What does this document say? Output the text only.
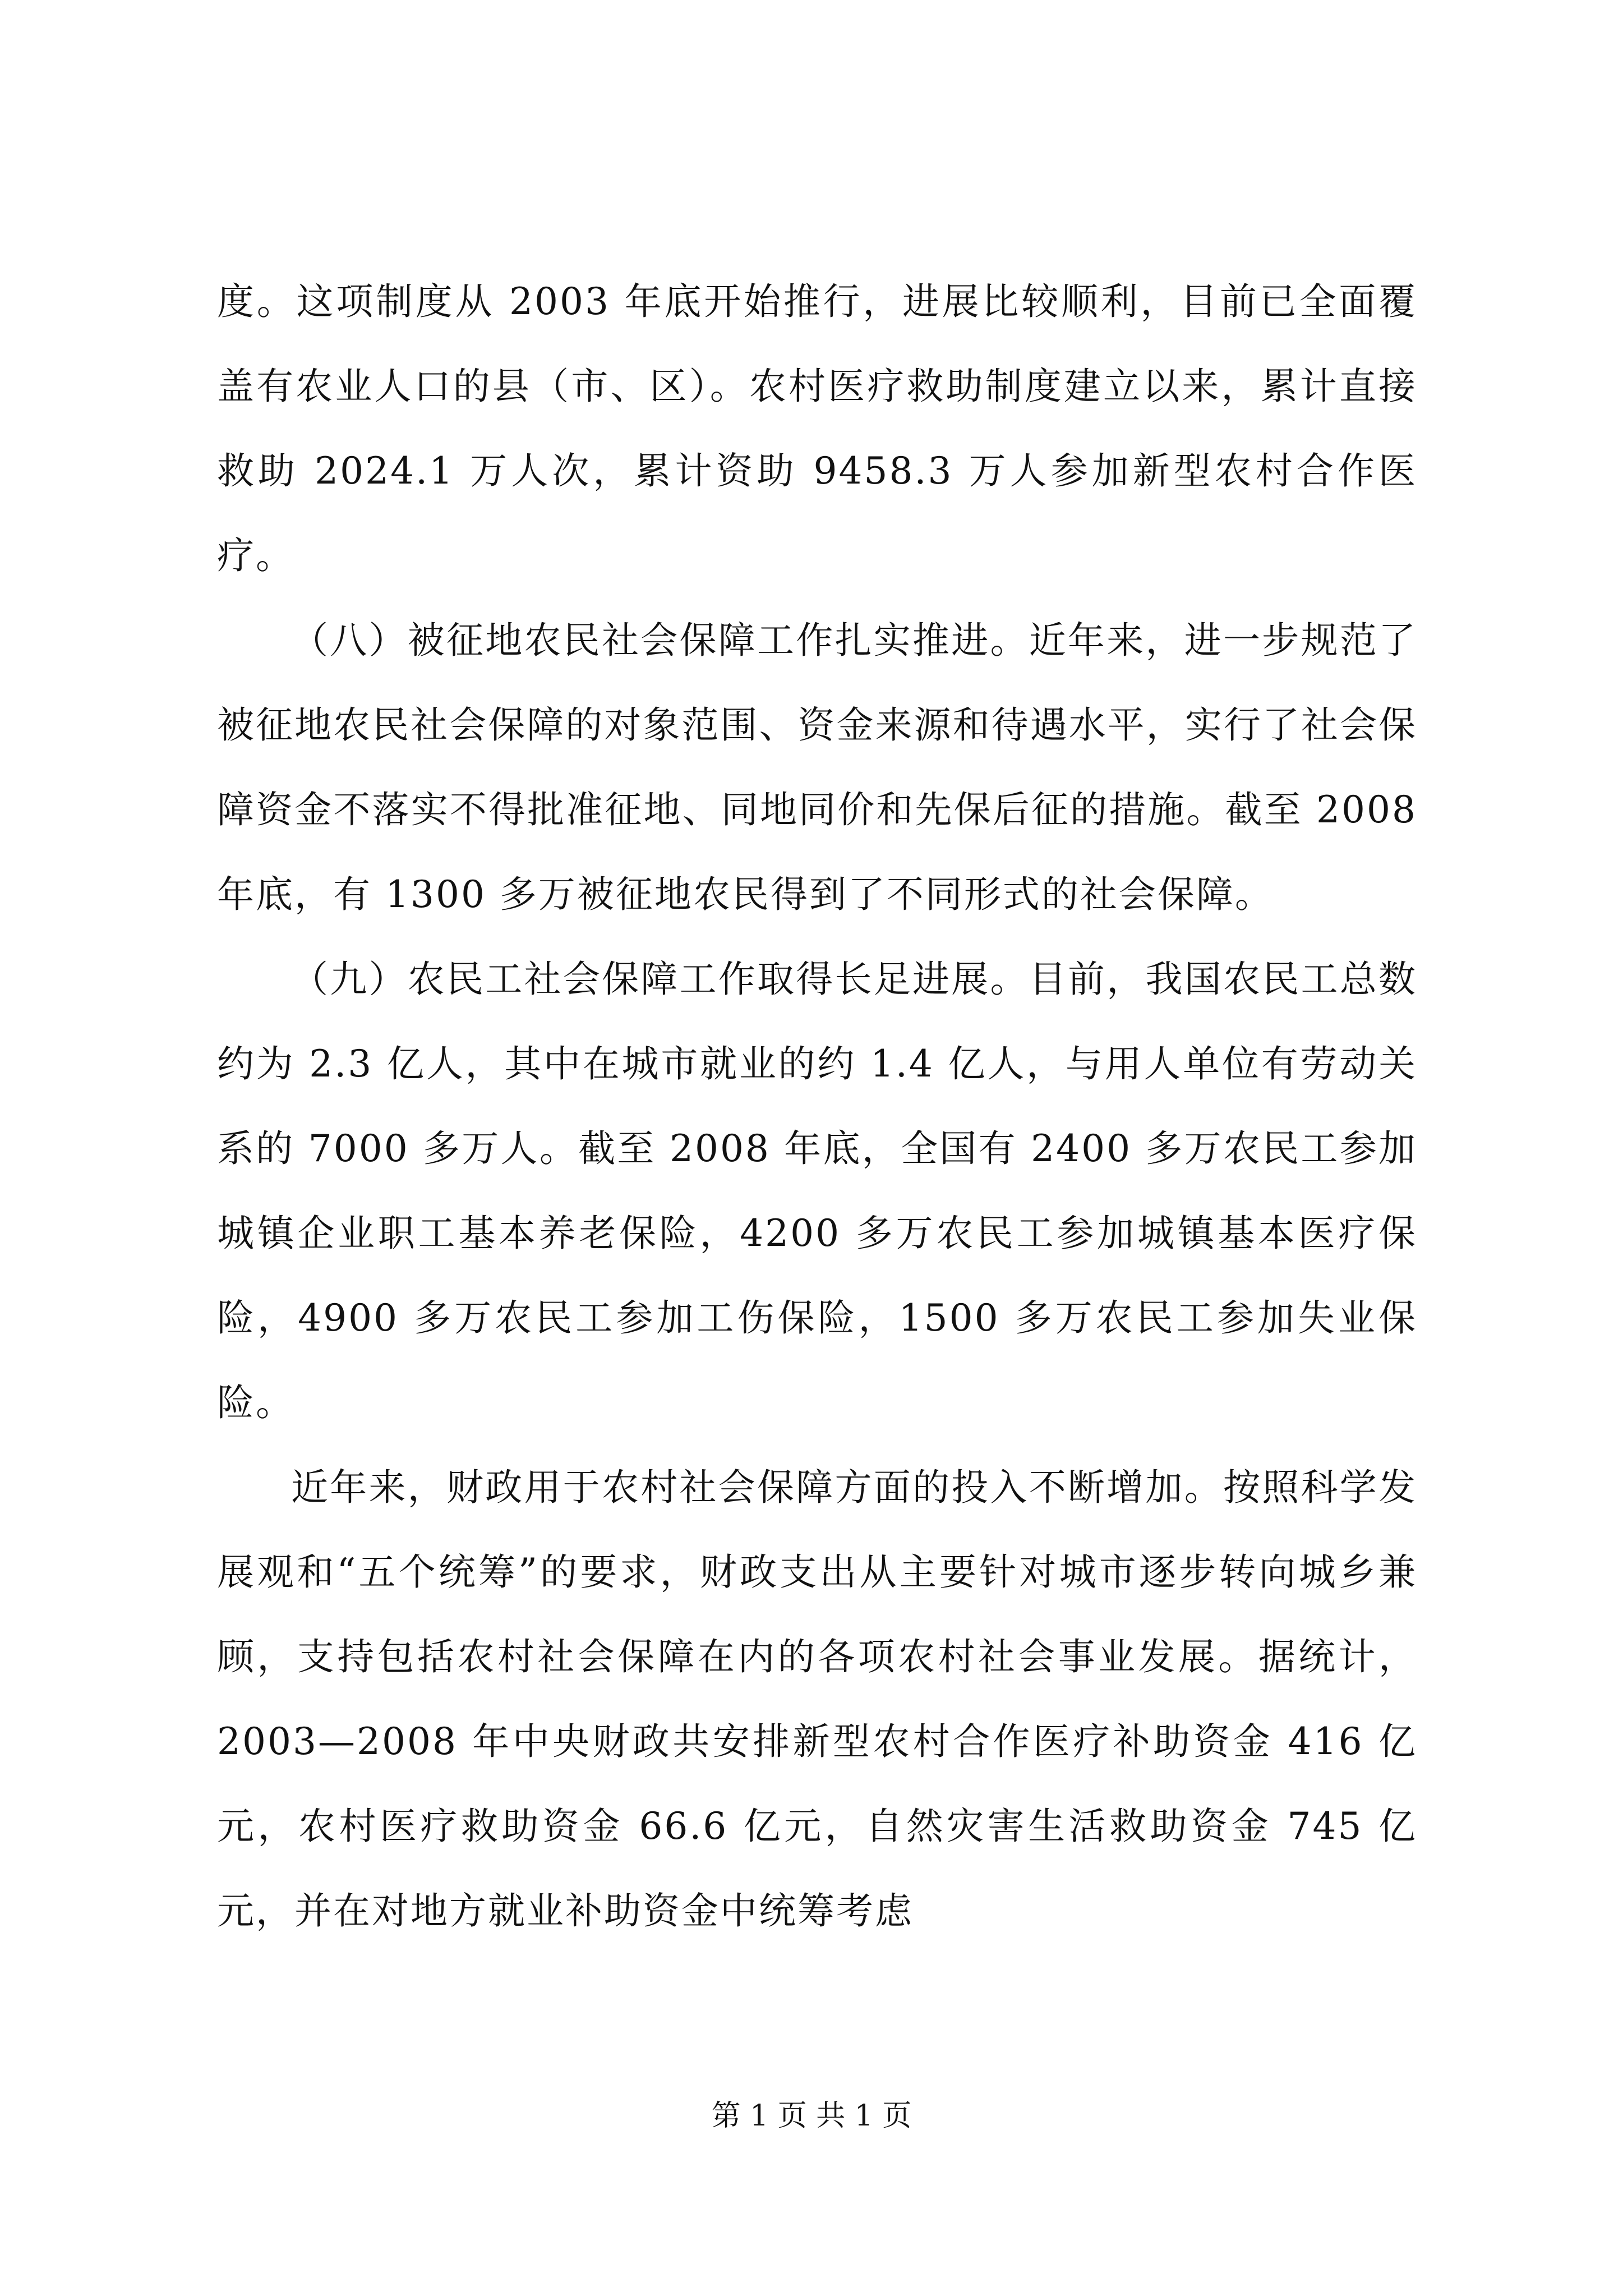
度。这项制度从 2003 年底开始推行，进展比较顺利，目前已全面覆盖有农业人口的县（市、区）。农村医疗救助制度建立以来，累计直接救助 2024.1 万人次，累计资助 9458.3 万人参加新型农村合作医疗。

（八）被征地农民社会保障工作扎实推进。近年来，进一步规范了被征地农民社会保障的对象范围、资金来源和待遇水平，实行了社会保障资金不落实不得批准征地、同地同价和先保后征的措施。截至 2008 年底，有 1300 多万被征地农民得到了不同形式的社会保障。

（九）农民工社会保障工作取得长足进展。目前，我国农民工总数约为 2.3 亿人，其中在城市就业的约 1.4 亿人，与用人单位有劳动关系的 7000 多万人。截至 2008 年底，全国有 2400 多万农民工参加城镇企业职工基本养老保险，4200 多万农民工参加城镇基本医疗保险，4900 多万农民工参加工伤保险，1500 多万农民工参加失业保险。

近年来，财政用于农村社会保障方面的投入不断增加。按照科学发展观和“五个统筹”的要求，财政支出从主要针对城市逐步转向城乡兼顾，支持包括农村社会保障在内的各项农村社会事业发展。据统计，2003—2008 年中央财政共安排新型农村合作医疗补助资金 416 亿元，农村医疗救助资金 66.6 亿元，自然灾害生活救助资金 745 亿元，并在对地方就业补助资金中统筹考虑

第 1 页 共 1 页
